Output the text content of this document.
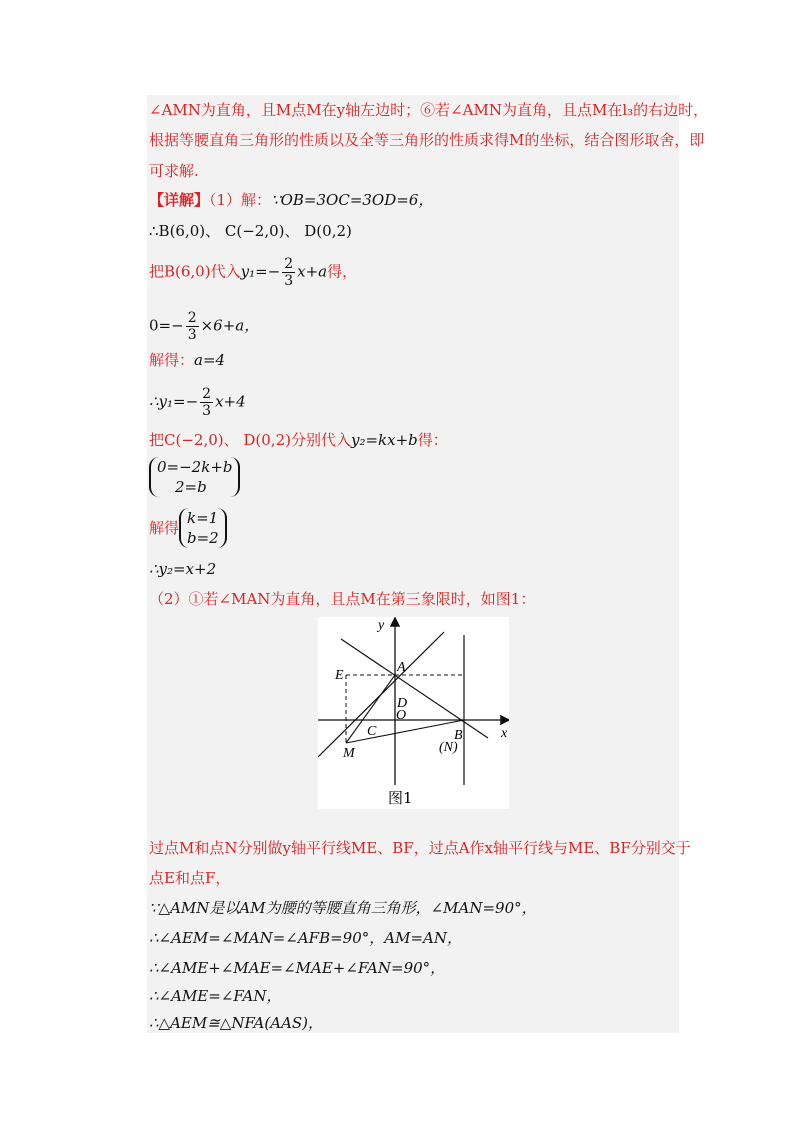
∠AMN为直角，且M点M在y轴左边时；⑥若∠AMN为直角，且点M在l₃的右边时，
根据等腰直角三角形的性质以及全等三角形的性质求得M的坐标，结合图形取舍，即
可求解.
【详解】（1）解：∵OB=3OC=3OD=6，
∴B(6,0)、 C(−2,0)、 D(0,2)
把B(6,0)代入$y_1=- \frac{2}{3} x+a$得，
$0=- \frac{2}{3} \times 6+a$，
解得：a=4
∴y₁=− $\frac{2}{3} x+4$
把C(−2,0)、 D(0,2)分别代入y₂=kx+b得：
0=−2k+b
2=b
解得
k=1
b=2
∴y₂=x+2
（2）①若∠MAN为直角，且点M在第三象限时，如图1：
y
x
E
A
D
O
C	B
(N)
M
图1
过点M和点N分别做y轴平行线ME、BF，过点A作x轴平行线与ME、BF分别交于
点E和点F，
∵△AMN是以AM为腰的等腰直角三角形，∠MAN=90°，
∴∠AEM=∠MAN=∠AFB=90°，AM=AN，
∴∠AME+∠MAE=∠MAE+∠FAN=90°，
∴∠AME=∠FAN，
∴△AEM≅△NFA(AAS)，
